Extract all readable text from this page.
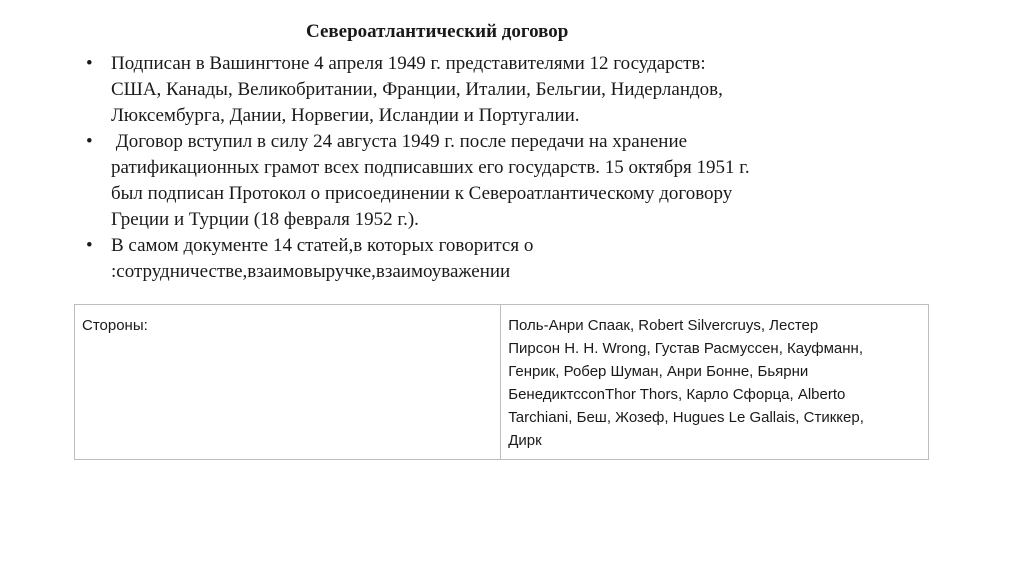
Североатлантический договор
• Подписан в Вашингтоне 4 апреля 1949 г. представителями 12 государств:
США, Канады, Великобритании, Франции, Италии, Бельгии, Нидерландов,
Люксембурга, Дании, Норвегии, Исландии и Португалии.
• Договор вступил в силу 24 августа 1949 г. после передачи на хранение
ратификационных грамот всех подписавших его государств. 15 октября 1951 г.
был подписан Протокол о присоединении к Североатлантическому договору
Греции и Турции (18 февраля 1952 г.).
• В самом документе 14 статей,в которых говорится о
:сотрудничестве,взаимовыручке,взаимоуважении
Стороны:	Поль-Анри Спаак, Robert Silvercruys, Лестер
Пирсон H. H. Wrong, Густав Расмуссен, Кауфманн,
Генрик, Робер Шуман, Анри Бонне, Бьярни
БенедиктссonThor Thors, Карло Сфорца, Alberto
Tarchiani, Беш, Жозеф, Hugues Le Gallais, Стиккер,
Дирк
